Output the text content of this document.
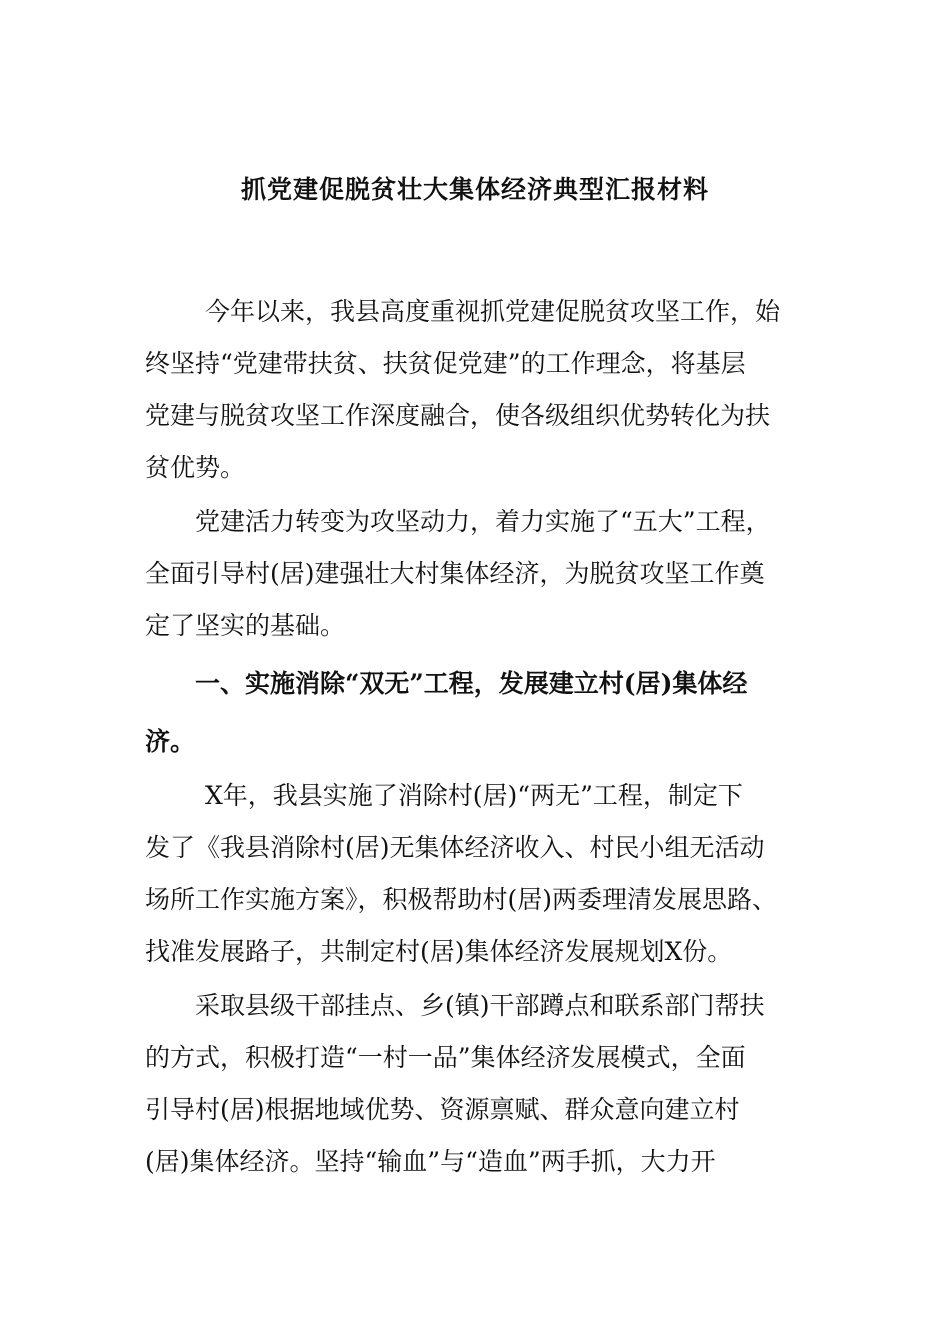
抓党建促脱贫壮大集体经济典型汇报材料
今年以来，我县高度重视抓党建促脱贫攻坚工作，始
终坚持“党建带扶贫、扶贫促党建”的工作理念，将基层
党建与脱贫攻坚工作深度融合，使各级组织优势转化为扶
贫优势。
党建活力转变为攻坚动力，着力实施了“五大”工程，
全面引导村(居)建强壮大村集体经济，为脱贫攻坚工作奠
定了坚实的基础。
一、实施消除“双无”工程，发展建立村(居)集体经
济。
X年，我县实施了消除村(居)“两无”工程，制定下
发了《我县消除村(居)无集体经济收入、村民小组无活动
场所工作实施方案》，积极帮助村(居)两委理清发展思路、
找准发展路子，共制定村(居)集体经济发展规划X份。
采取县级干部挂点、乡(镇)干部蹲点和联系部门帮扶
的方式，积极打造“一村一品”集体经济发展模式，全面
引导村(居)根据地域优势、资源禀赋、群众意向建立村
(居)集体经济。坚持“输血”与“造血”两手抓，大力开
